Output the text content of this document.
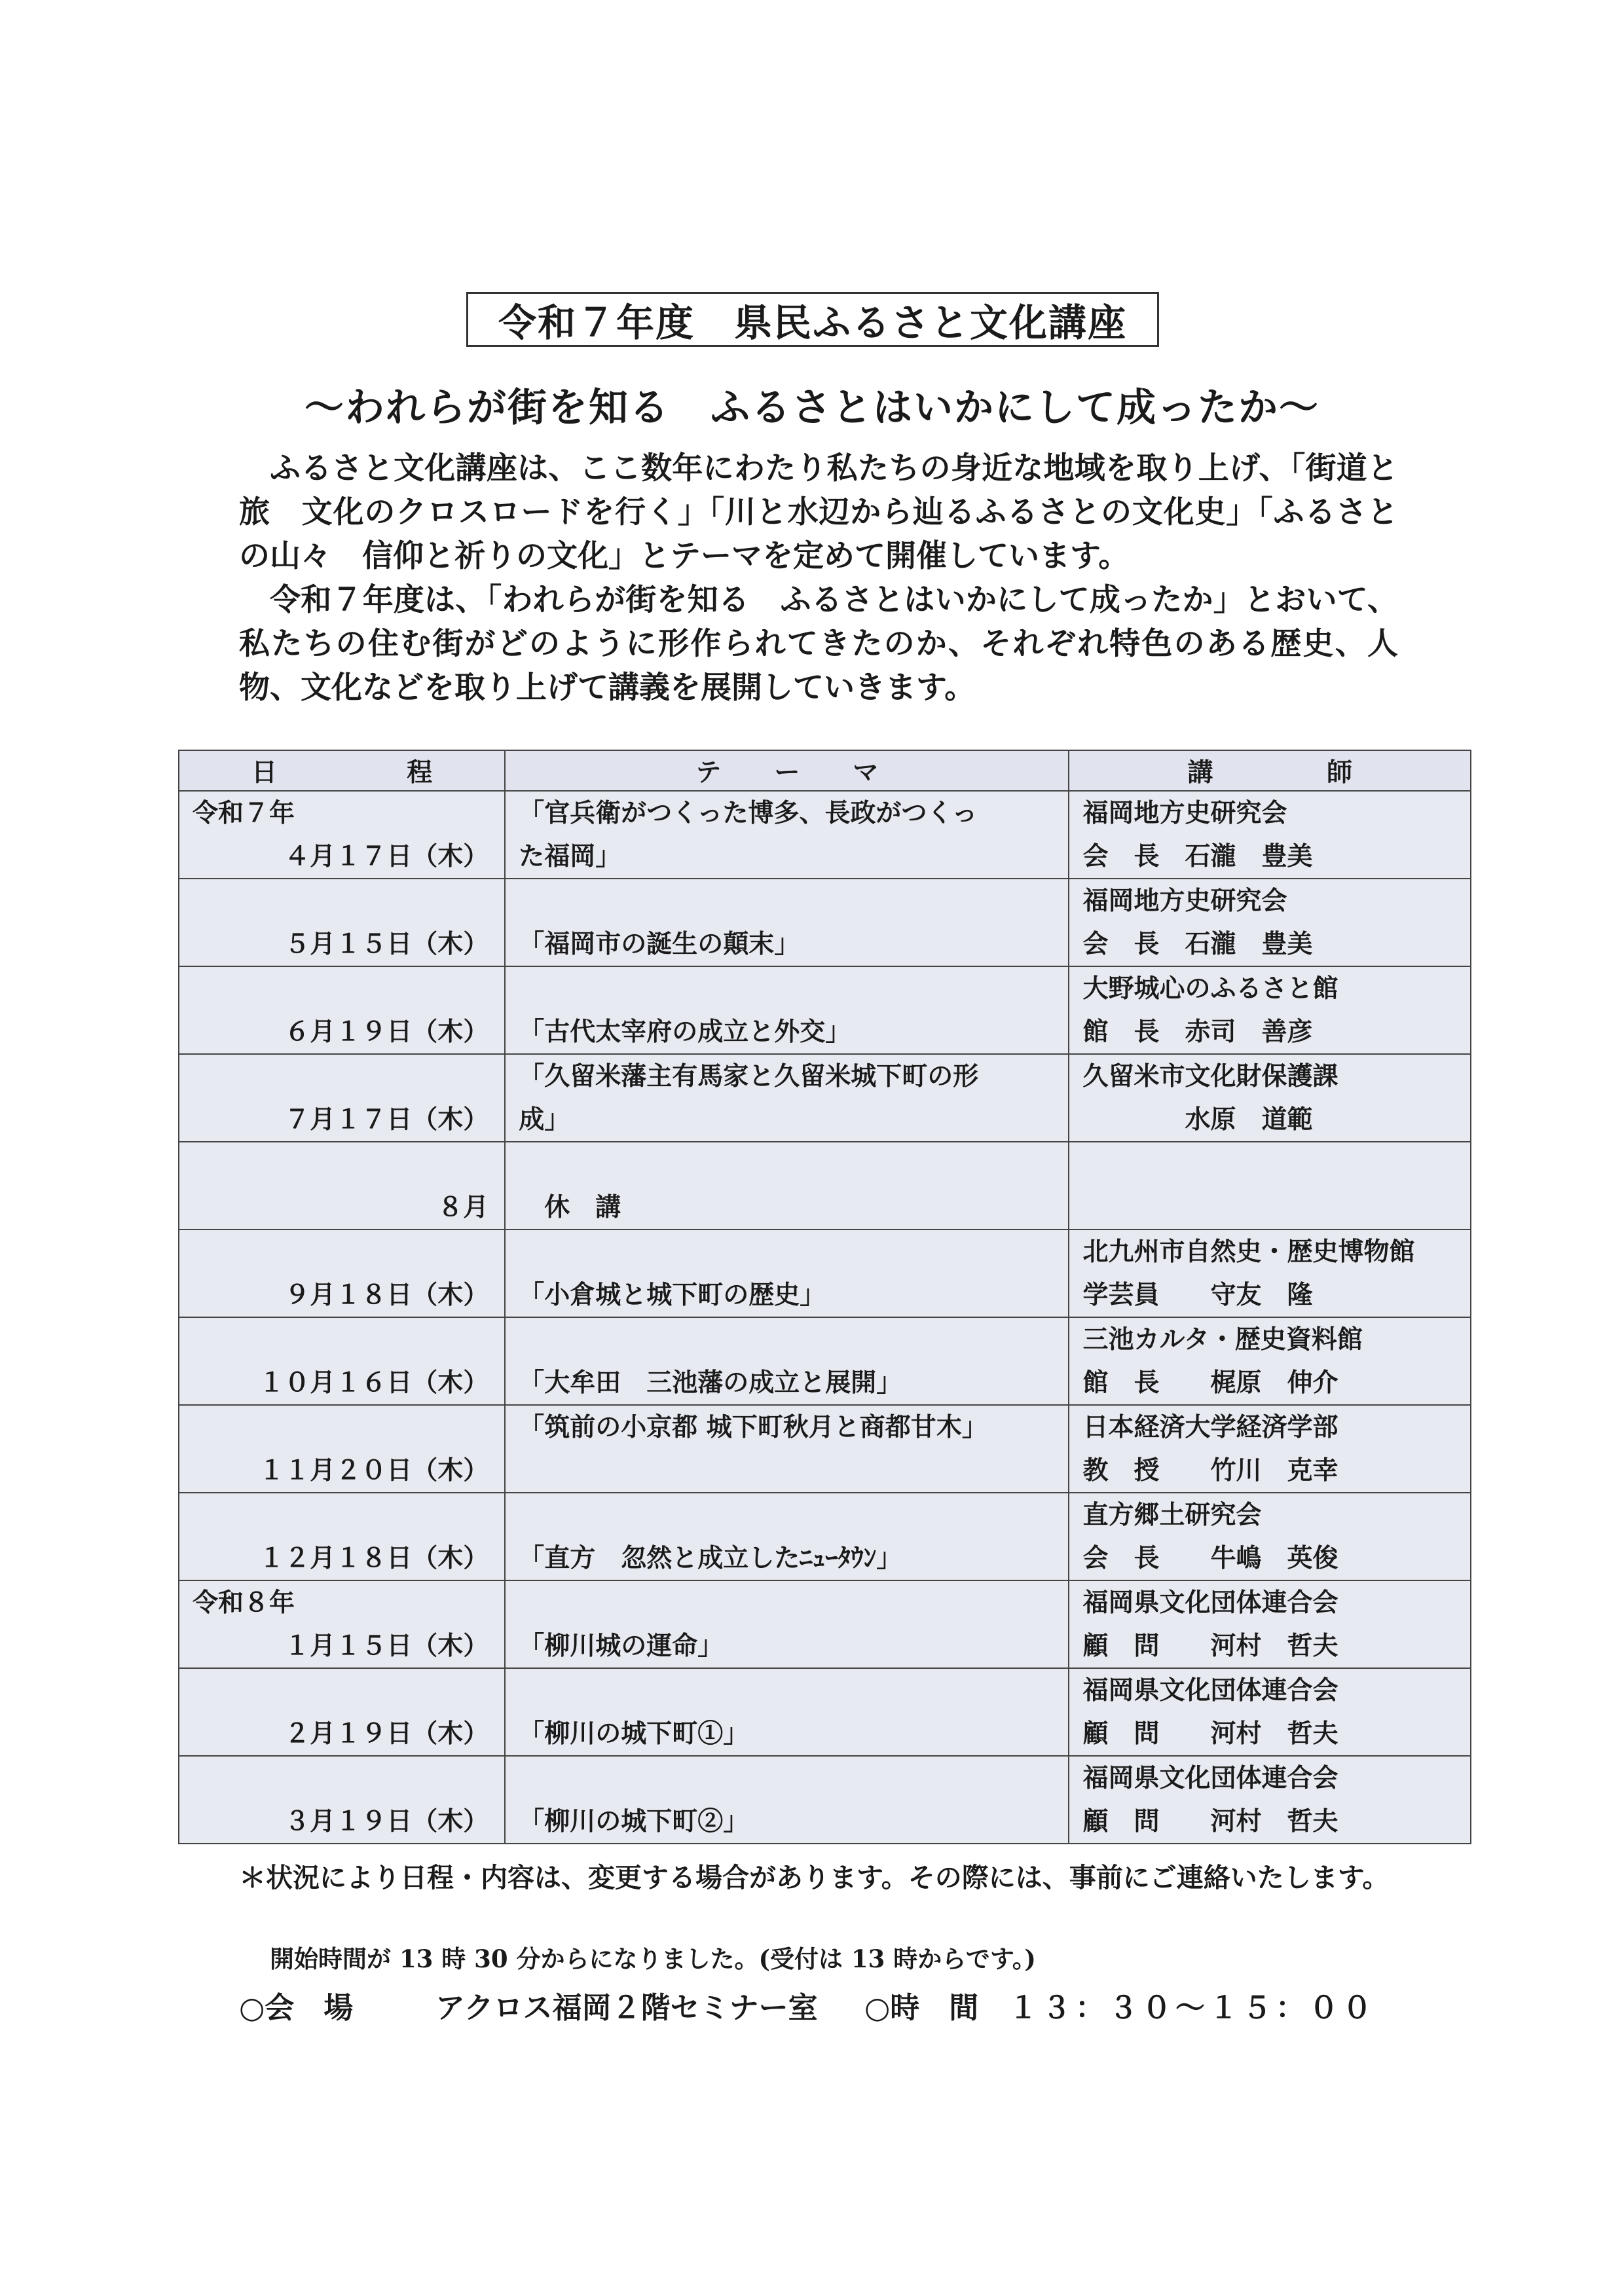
令和７年度　県民ふるさと文化講座
～われらが街を知る　ふるさとはいかにして成ったか～

ふるさと文化講座は、ここ数年にわたり私たちの身近な地域を取り上げ、「街道と旅　文化のクロスロードを行く」「川と水辺から辿るふるさとの文化史」「ふるさとの山々　信仰と祈りの文化」とテーマを定めて開催しています。

令和７年度は、「われらが街を知る　ふるさとはいかにして成ったか」とおいて、私たちの住む街がどのように形作られてきたのか、それぞれ特色のある歴史、人物、文化などを取り上げて講義を展開していきます。

日 程	テ ー マ	講 師

令和７年
４月１７日（木）	「官兵衛がつくった博多、長政がつくっ
た福岡」	福岡地方史研究会
会　長　石瀧　豊美

５月１５日（木）	「福岡市の誕生の顛末」	福岡地方史研究会
会　長　石瀧　豊美

６月１９日（木）	「古代太宰府の成立と外交」	大野城心のふるさと館
館　長　赤司　善彦

７月１７日（木）	「久留米藩主有馬家と久留米城下町の形
成」	久留米市文化財保護課
　　　　水原　道範

８月	　休　講	

９月１８日（木）	「小倉城と城下町の歴史」	北九州市自然史・歴史博物館
学芸員　　守友　隆

１０月１６日（木）	「大牟田　三池藩の成立と展開」	三池カルタ・歴史資料館
館　長　　梶原　伸介

１１月２０日（木）	「筑前の小京都 城下町秋月と商都甘木」	日本経済大学経済学部
教　授　　竹川　克幸

１２月１８日（木）	「直方　忽然と成立したﾆｭｰﾀｳﾝ」	直方郷土研究会
会　長　　牛嶋　英俊

令和８年
１月１５日（木）	「柳川城の運命」	福岡県文化団体連合会
顧　問　　河村　哲夫

２月１９日（木）	「柳川の城下町①」	福岡県文化団体連合会
顧　問　　河村　哲夫

３月１９日（木）	「柳川の城下町②」	福岡県文化団体連合会
顧　問　　河村　哲夫
＊状況により日程・内容は、変更する場合があります。その際には、事前にご連絡いたします。
開始時間が 13 時 30 分からになりました。(受付は 13 時からです。)
○会　場	アクロス福岡２階セミナー室 ○時　間 １３：３０～１５：００
